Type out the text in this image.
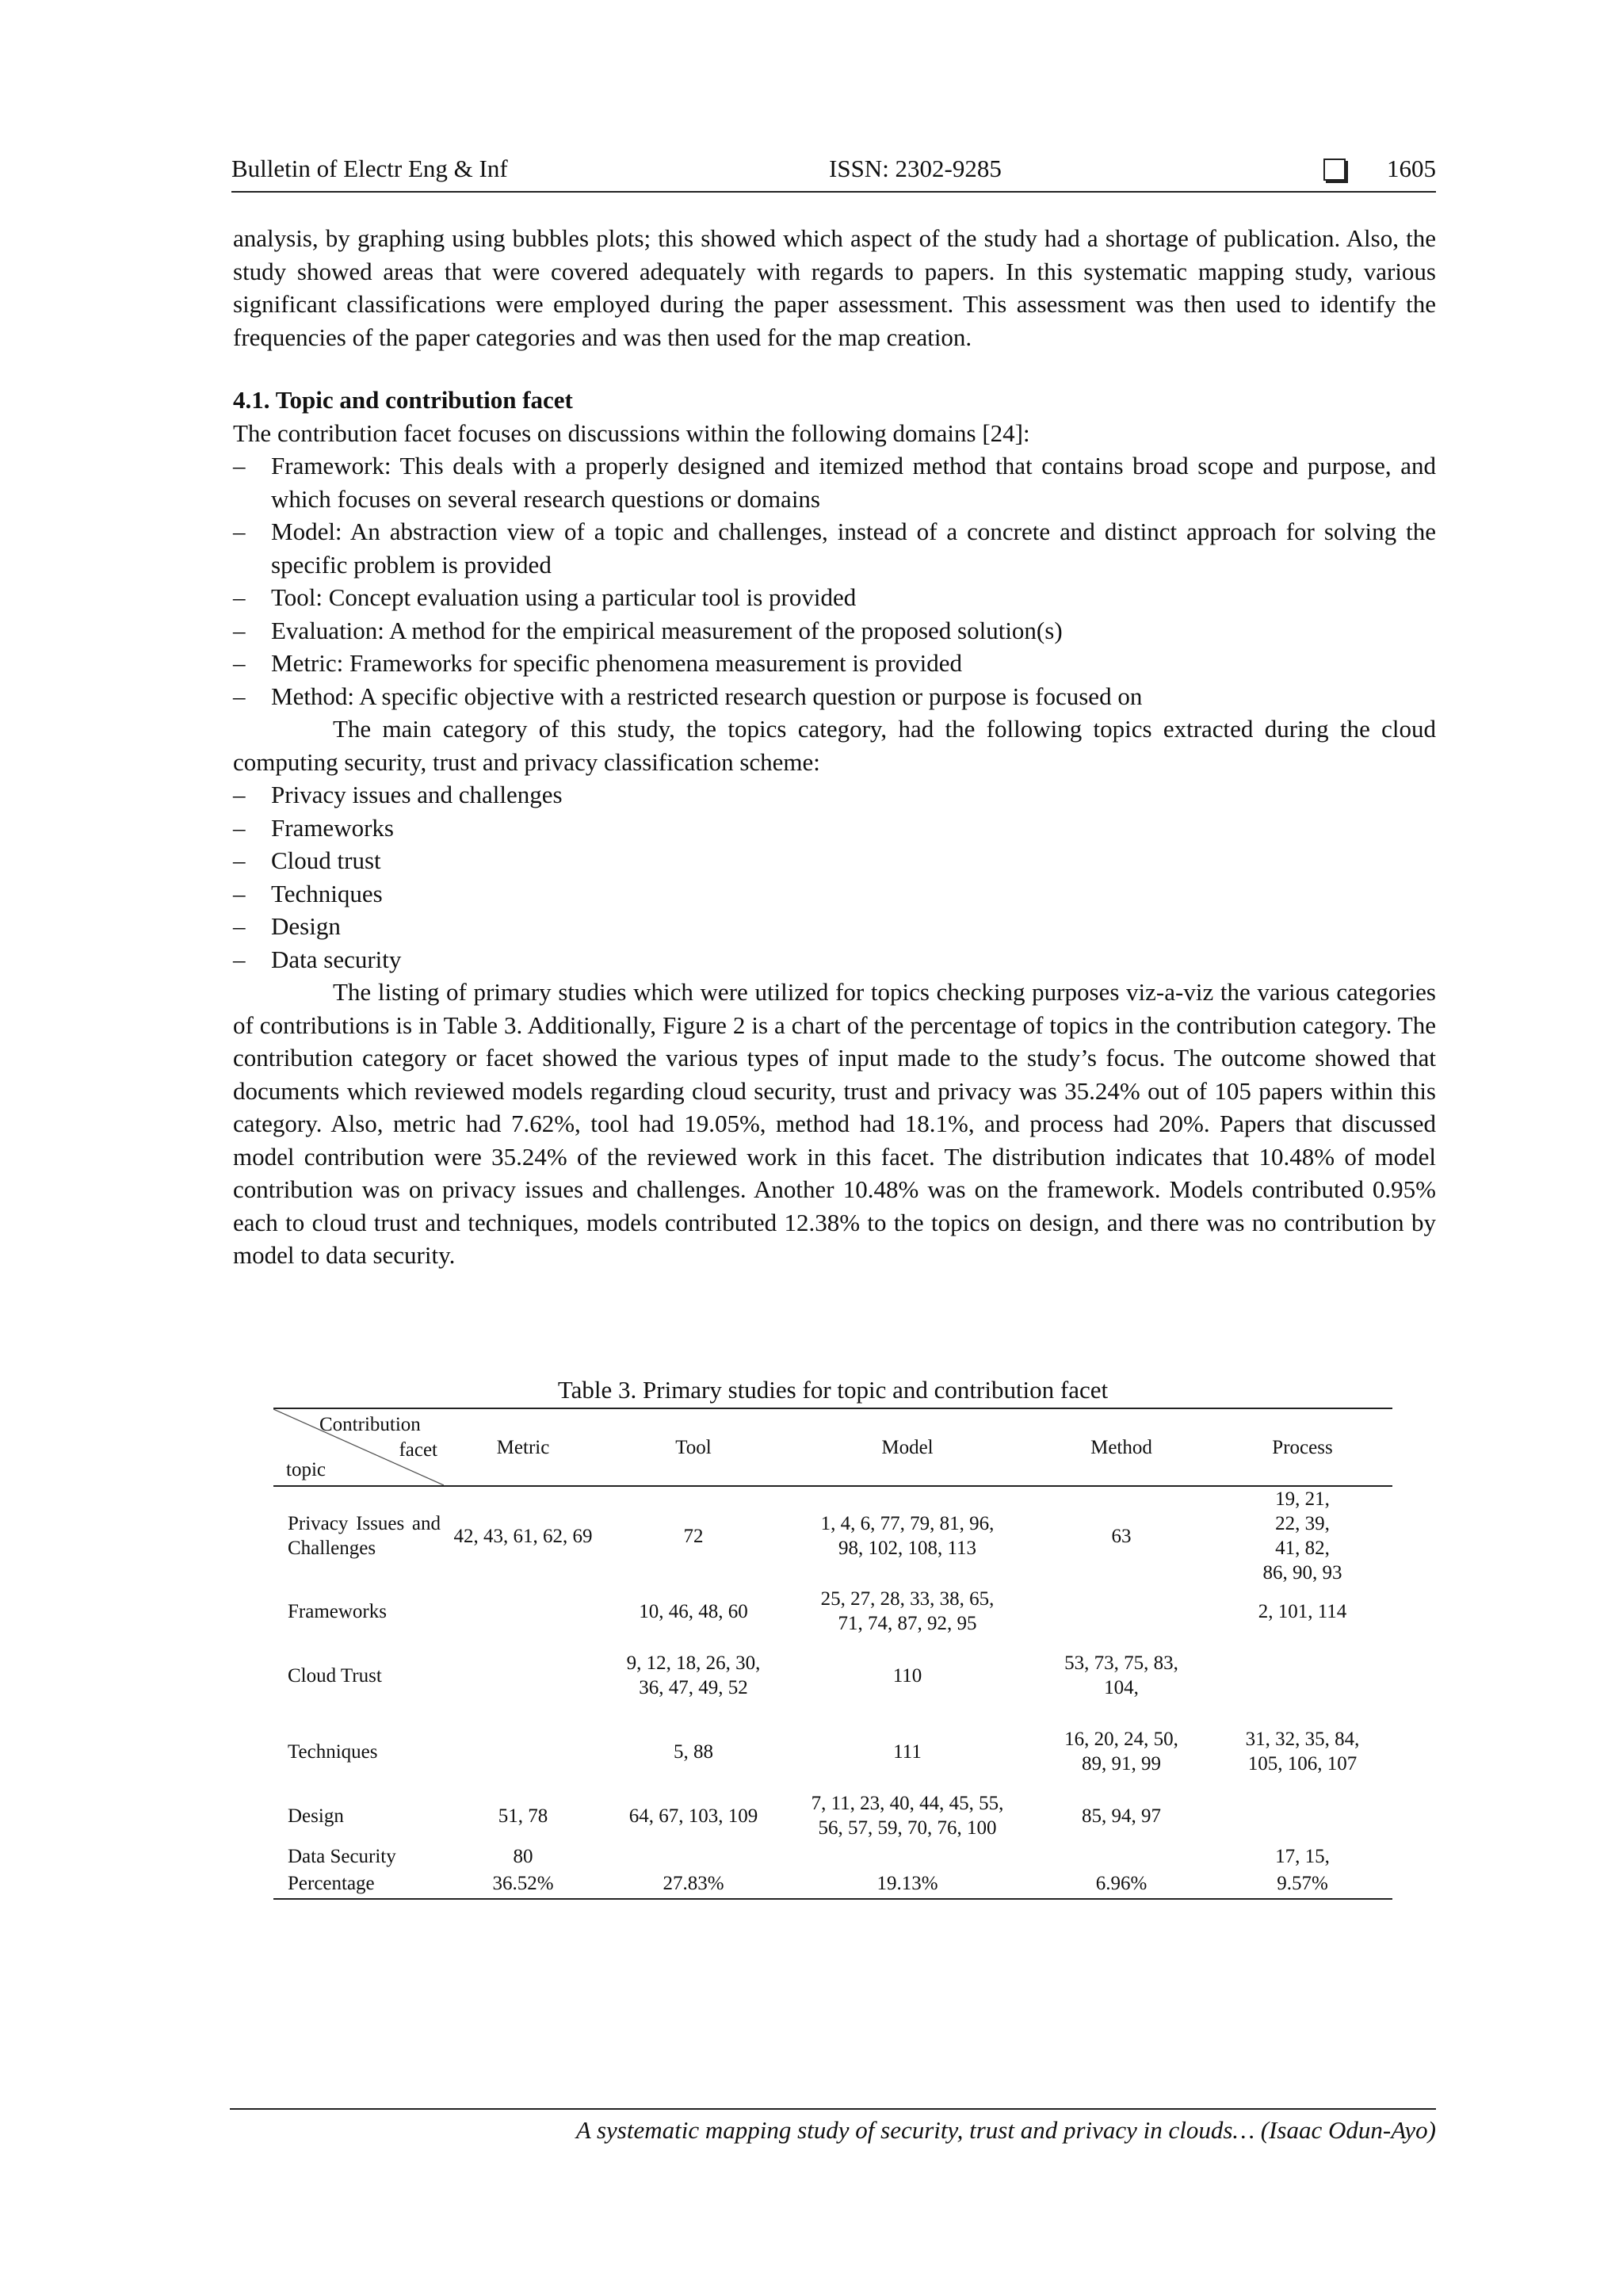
Bulletin of Electr Eng & Inf	ISSN: 2302-9285	1605

analysis, by graphing using bubbles plots; this showed which aspect of the study had a shortage of publication. Also, the study showed areas that were covered adequately with regards to papers. In this systematic mapping study, various significant classifications were employed during the paper assessment. This assessment was then used to identify the frequencies of the paper categories and was then used for the map creation.

4.1. Topic and contribution facet

The contribution facet focuses on discussions within the following domains [24]:

– Framework: This deals with a properly designed and itemized method that contains broad scope and purpose, and which focuses on several research questions or domains
– Model: An abstraction view of a topic and challenges, instead of a concrete and distinct approach for solving the specific problem is provided
– Tool: Concept evaluation using a particular tool is provided
– Evaluation: A method for the empirical measurement of the proposed solution(s)
– Metric: Frameworks for specific phenomena measurement is provided
– Method: A specific objective with a restricted research question or purpose is focused on

The main category of this study, the topics category, had the following topics extracted during the cloud computing security, trust and privacy classification scheme:

– Privacy issues and challenges
– Frameworks
– Cloud trust
– Techniques
– Design
– Data security

The listing of primary studies which were utilized for topics checking purposes viz-a-viz the various categories of contributions is in Table 3. Additionally, Figure 2 is a chart of the percentage of topics in the contribution category. The contribution category or facet showed the various types of input made to the study’s focus. The outcome showed that documents which reviewed models regarding cloud security, trust and privacy was 35.24% out of 105 papers within this category. Also, metric had 7.62%, tool had 19.05%, method had 18.1%, and process had 20%. Papers that discussed model contribution were 35.24% of the reviewed work in this facet. The distribution indicates that 10.48% of model contribution was on privacy issues and challenges. Another 10.48% was on the framework. Models contributed 0.95% each to cloud trust and techniques, models contributed 12.38% to the topics on design, and there was no contribution by model to data security.

Table 3. Primary studies for topic and contribution facet
Contribution
facet
topic	Metric	Tool	Model	Method	Process
Privacy Issues and Challenges	42, 43, 61, 62, 69	72	1, 4, 6, 77, 79, 81, 96, 98, 102, 108, 113	63	19, 21, 22, 39, 41, 82, 86, 90, 93
Frameworks		10, 46, 48, 60	25, 27, 28, 33, 38, 65, 71, 74, 87, 92, 95		2, 101, 114
Cloud Trust		9, 12, 18, 26, 30, 36, 47, 49, 52	110	53, 73, 75, 83, 104,	
Techniques		5, 88	111	16, 20, 24, 50, 89, 91, 99	31, 32, 35, 84, 105, 106, 107
Design	51, 78	64, 67, 103, 109	7, 11, 23, 40, 44, 45, 55, 56, 57, 59, 70, 76, 100	85, 94, 97	
Data Security	80				17, 15,
Percentage	36.52%	27.83%	19.13%	6.96%	9.57%
A systematic mapping study of security, trust and privacy in clouds… (Isaac Odun-Ayo)
